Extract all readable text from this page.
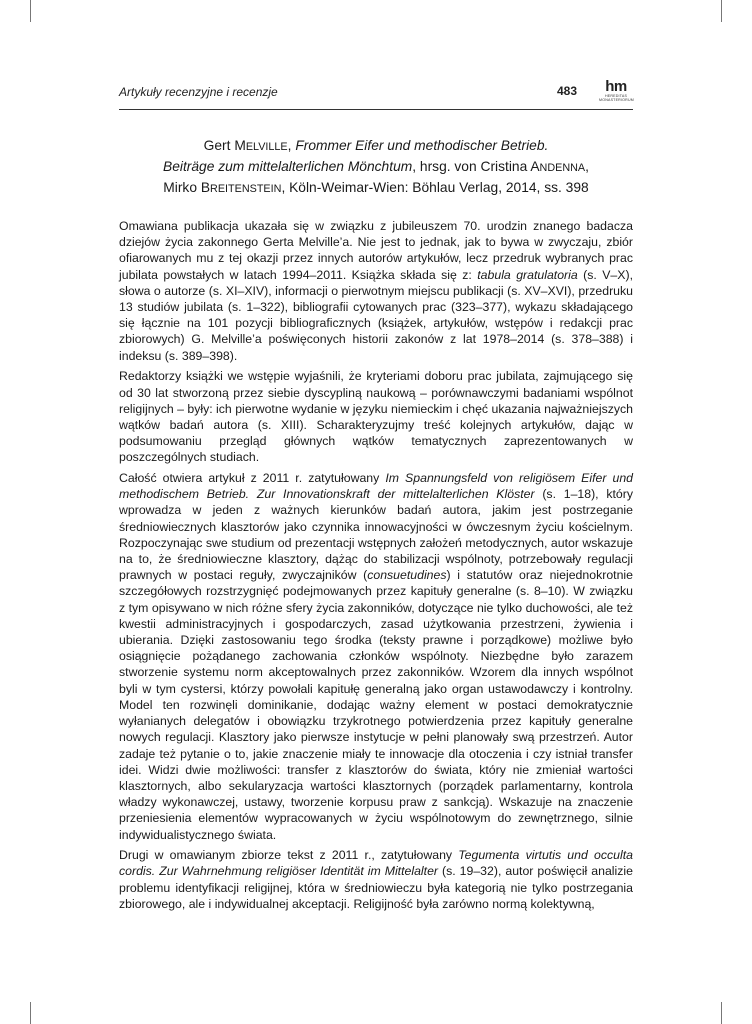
Artykuły recenzyjne i recenzje	483	hm
HEREDITAS MONASTERIORUM
Gert MELVILLE, Frommer Eifer und methodischer Betrieb.
Beiträge zum mittelalterlichen Mönchtum, hrsg. von Cristina ANDENNA,
Mirko BREITENSTEIN, Köln-Weimar-Wien: Böhlau Verlag, 2014, ss. 398

Omawiana publikacja ukazała się w związku z jubileuszem 70. urodzin znanego badacza dziejów życia zakonnego Gerta Melville’a. Nie jest to jednak, jak to bywa w zwyczaju, zbiór ofiarowanych mu z tej okazji przez innych autorów artykułów, lecz przedruk wybranych prac jubilata powstałych w latach 1994–2011. Książka składa się z: tabula gratulatoria (s. V–X), słowa o autorze (s. XI–XIV), informacji o pierwotnym miejscu publikacji (s. XV–XVI), przedruku 13 studiów jubilata (s. 1–322), bibliografii cytowanych prac (323–377), wykazu składającego się łącznie na 101 pozycji bibliograficznych (książek, artykułów, wstępów i redakcji prac zbiorowych) G. Melville’a poświęconych historii zakonów z lat 1978–2014 (s. 378–388) i indeksu (s. 389–398).

Redaktorzy książki we wstępie wyjaśnili, że kryteriami doboru prac jubilata, zajmującego się od 30 lat stworzoną przez siebie dyscypliną naukową – porównawczymi badaniami wspólnot religijnych – były: ich pierwotne wydanie w języku niemieckim i chęć ukazania najważniejszych wątków badań autora (s. XIII). Scharakteryzujmy treść kolejnych artykułów, dając w podsumowaniu przegląd głównych wątków tematycznych zaprezentowanych w poszczególnych studiach.

Całość otwiera artykuł z 2011 r. zatytułowany Im Spannungsfeld von religiösem Eifer und methodischem Betrieb. Zur Innovationskraft der mittelalterlichen Klöster (s. 1–18), który wprowadza w jeden z ważnych kierunków badań autora, jakim jest postrzeganie średniowiecznych klasztorów jako czynnika innowacyjności w ówczesnym życiu kościelnym. Rozpoczynając swe studium od prezentacji wstępnych założeń metodycznych, autor wskazuje na to, że średniowieczne klasztory, dążąc do stabilizacji wspólnoty, potrzebowały regulacji prawnych w postaci reguły, zwyczajników (consuetudines) i statutów oraz niejednokrotnie szczegółowych rozstrzygnięć podejmowanych przez kapituły generalne (s. 8–10). W związku z tym opisywano w nich różne sfery życia zakonników, dotyczące nie tylko duchowości, ale też kwestii administracyjnych i gospodarczych, zasad użytkowania przestrzeni, żywienia i ubierania. Dzięki zastosowaniu tego środka (teksty prawne i porządkowe) możliwe było osiągnięcie pożądanego zachowania członków wspólnoty. Niezbędne było zarazem stworzenie systemu norm akceptowalnych przez zakonników. Wzorem dla innych wspólnot byli w tym cystersi, którzy powołali kapitułę generalną jako organ ustawodawczy i kontrolny. Model ten rozwinęli dominikanie, dodając ważny element w postaci demokratycznie wyłanianych delegatów i obowiązku trzykrotnego potwierdzenia przez kapituły generalne nowych regulacji. Klasztory jako pierwsze instytucje w pełni planowały swą przestrzeń. Autor zadaje też pytanie o to, jakie znaczenie miały te innowacje dla otoczenia i czy istniał transfer idei. Widzi dwie możliwości: transfer z klasztorów do świata, który nie zmieniał wartości klasztornych, albo sekularyzacja wartości klasztornych (porządek parlamentarny, kontrola władzy wykonawczej, ustawy, tworzenie korpusu praw z sankcją). Wskazuje na znaczenie przeniesienia elementów wypracowanych w życiu wspólnotowym do zewnętrznego, silnie indywidualistycznego świata.

Drugi w omawianym zbiorze tekst z 2011 r., zatytułowany Tegumenta virtutis und occulta cordis. Zur Wahrnehmung religiöser Identität im Mittelalter (s. 19–32), autor poświęcił analizie problemu identyfikacji religijnej, która w średniowieczu była kategorią nie tylko postrzegania zbiorowego, ale i indywidualnej akceptacji. Religijność była zarówno normą kolektywną,
